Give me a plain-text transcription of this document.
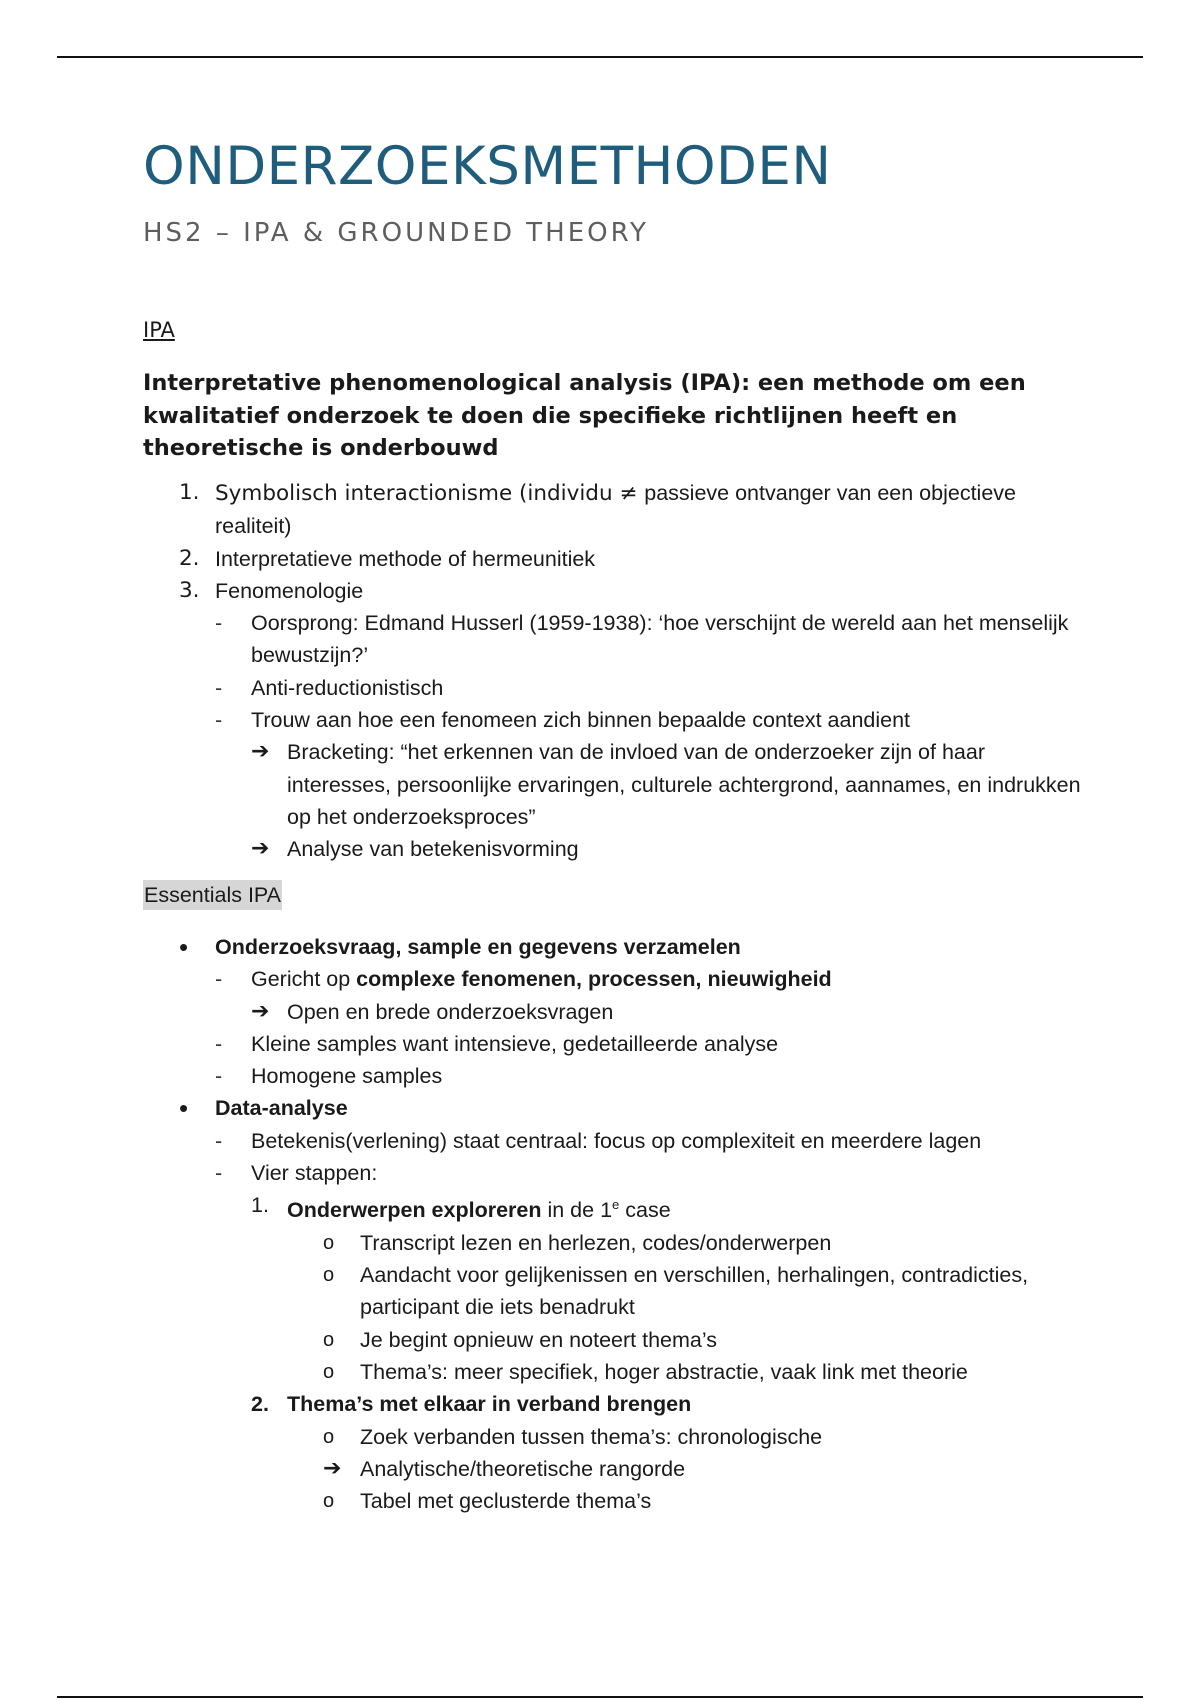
ONDERZOEKSMETHODEN
HS2 – IPA & GROUNDED THEORY
IPA

Interpretative phenomenological analysis (IPA): een methode om een kwalitatief onderzoek te doen die specifieke richtlijnen heeft en theoretische is onderbouwd

1. Symbolisch interactionisme (individu ≠ passieve ontvanger van een objectieve realiteit)
2. Interpretatieve methode of hermeunitiek
3. Fenomenologie
- Oorsprong: Edmand Husserl (1959-1938): ‘hoe verschijnt de wereld aan het menselijk bewustzijn?’
- Anti-reductionistisch
- Trouw aan hoe een fenomeen zich binnen bepaalde context aandient
➔ Bracketing: “het erkennen van de invloed van de onderzoeker zijn of haar interesses, persoonlijke ervaringen, culturele achtergrond, aannames, en indrukken op het onderzoeksproces”
➔ Analyse van betekenisvorming
Essentials IPA
• Onderzoeksvraag, sample en gegevens verzamelen
- Gericht op complexe fenomenen, processen, nieuwigheid
➔ Open en brede onderzoeksvragen
- Kleine samples want intensieve, gedetailleerde analyse
- Homogene samples
• Data-analyse
- Betekenis(verlening) staat centraal: focus op complexiteit en meerdere lagen
- Vier stappen:
1. Onderwerpen exploreren in de 1e case
o Transcript lezen en herlezen, codes/onderwerpen
o Aandacht voor gelijkenissen en verschillen, herhalingen, contradicties, participant die iets benadrukt
o Je begint opnieuw en noteert thema’s
o Thema’s: meer specifiek, hoger abstractie, vaak link met theorie
2. Thema’s met elkaar in verband brengen
o Zoek verbanden tussen thema’s: chronologische
➔ Analytische/theoretische rangorde
o Tabel met geclusterde thema’s
